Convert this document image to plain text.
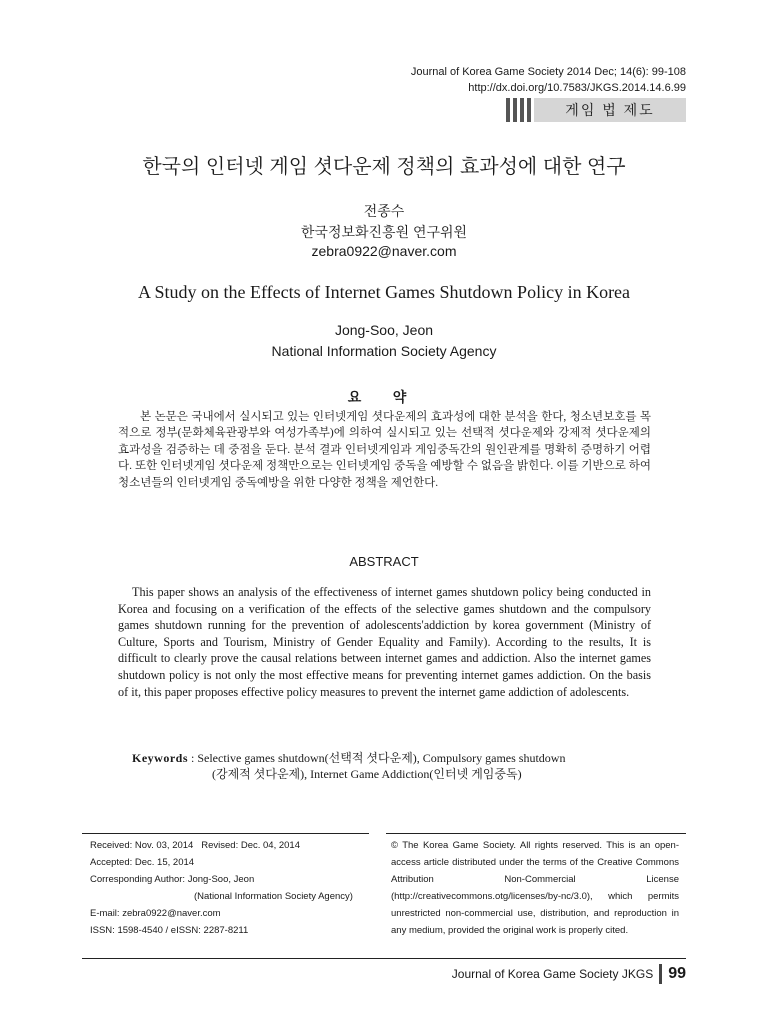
Journal of Korea Game Society 2014 Dec; 14(6): 99-108
http://dx.doi.org/10.7583/JKGS.2014.14.6.99
게임 법 제도
한국의 인터넷 게임 셧다운제 정책의 효과성에 대한 연구
전종수
한국정보화진흥원 연구위원
zebra0922@naver.com
A Study on the Effects of Internet Games Shutdown Policy in Korea
Jong-Soo, Jeon
National Information Society Agency
요 약

본 논문은 국내에서 실시되고 있는 인터넷게임 셧다운제의 효과성에 대한 분석을 한다, 청소년보호를 목적으로 정부(문화체육관광부와 여성가족부)에 의하여 실시되고 있는 선택적 셧다운제와 강제적 셧다운제의 효과성을 검증하는 데 중점을 둔다. 분석 결과 인터넷게임과 게임중독간의 원인관계를 명확히 증명하기 어렵다. 또한 인터넷게임 셧다운제 정책만으로는 인터넷게임 중독을 예방할 수 없음을 밝힌다. 이를 기반으로 하여 청소년들의 인터넷게임 중독예방을 위한 다양한 정책을 제언한다.

ABSTRACT

This paper shows an analysis of the effectiveness of internet games shutdown policy being conducted in Korea and focusing on a verification of the effects of the selective games shutdown and the compulsory games shutdown running for the prevention of adolescents'addiction by korea government (Ministry of Culture, Sports and Tourism, Ministry of Gender Equality and Family). According to the results, It is difficult to clearly prove the causal relations between internet games and addiction. Also the internet games shutdown policy is not only the most effective means for preventing internet games addiction. On the basis of it, this paper proposes effective policy measures to prevent the internet game addiction of adolescents.

Keywords : Selective games shutdown(선택적 셧다운제), Compulsory games shutdown
(강제적 셧다운제), Internet Game Addiction(인터넷 게임중독)
Received: Nov. 03, 2014   Revised: Dec. 04, 2014
Accepted: Dec. 15, 2014
Corresponding Author: Jong-Soo, Jeon
(National Information Society Agency)
E-mail: zebra0922@naver.com
ISSN: 1598-4540 / eISSN: 2287-8211
© The Korea Game Society. All rights reserved. This is an open-access article distributed under the terms of the Creative Commons Attribution Non-Commercial License (http://creativecommons.otg/licenses/by-nc/3.0), which permits unrestricted non-commercial use, distribution, and reproduction in any medium, provided the original work is properly cited.
Journal of Korea Game Society JKGS 99
